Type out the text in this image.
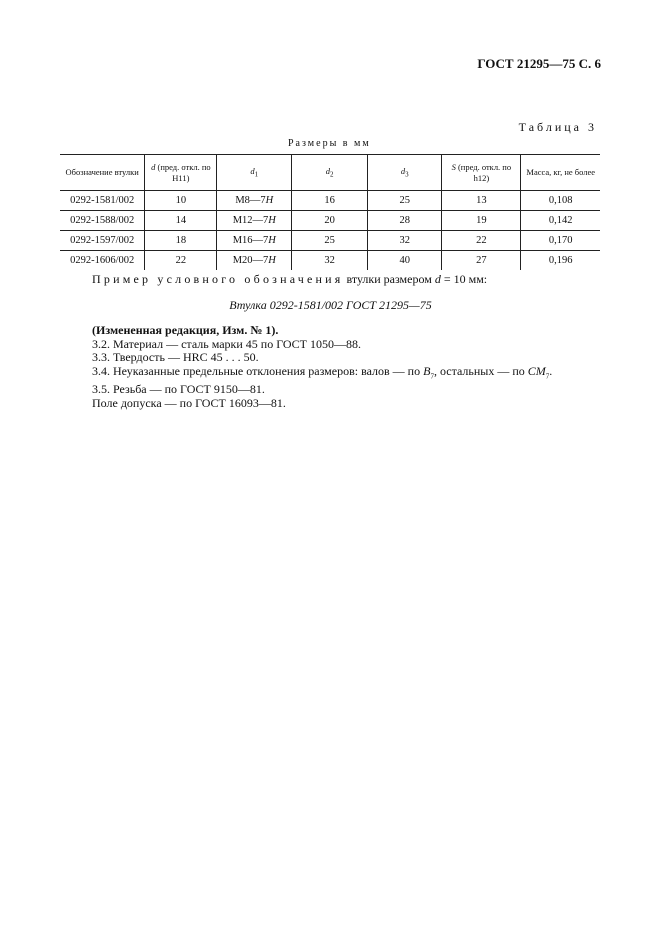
ГОСТ 21295—75 С. 6
Таблица 3
Размеры в мм
Обозначение втулки	d (пред. откл. по H11)	$d_1$	$d_2$	$d_3$	S (пред. откл. по h12)	Масса, кг, не более
0292-1581/002	10	M8—7H	16	25	13	0,108
0292-1588/002	14	M12—7H	20	28	19	0,142
0292-1597/002	18	M16—7H	25	32	22	0,170
0292-1606/002	22	M20—7H	32	40	27	0,196
Пример условного обозначения втулки размером d = 10 мм:
Втулка 0292-1581/002 ГОСТ 21295—75
(Измененная редакция, Изм. № 1).
3.2. Материал — сталь марки 45 по ГОСТ 1050—88.
3.3. Твердость — HRC 45 . . . 50.
3.4. Неуказанные предельные отклонения размеров: валов — по $B_7$, остальных — по $CM_7$.
3.5. Резьба — по ГОСТ 9150—81.
Поле допуска — по ГОСТ 16093—81.
